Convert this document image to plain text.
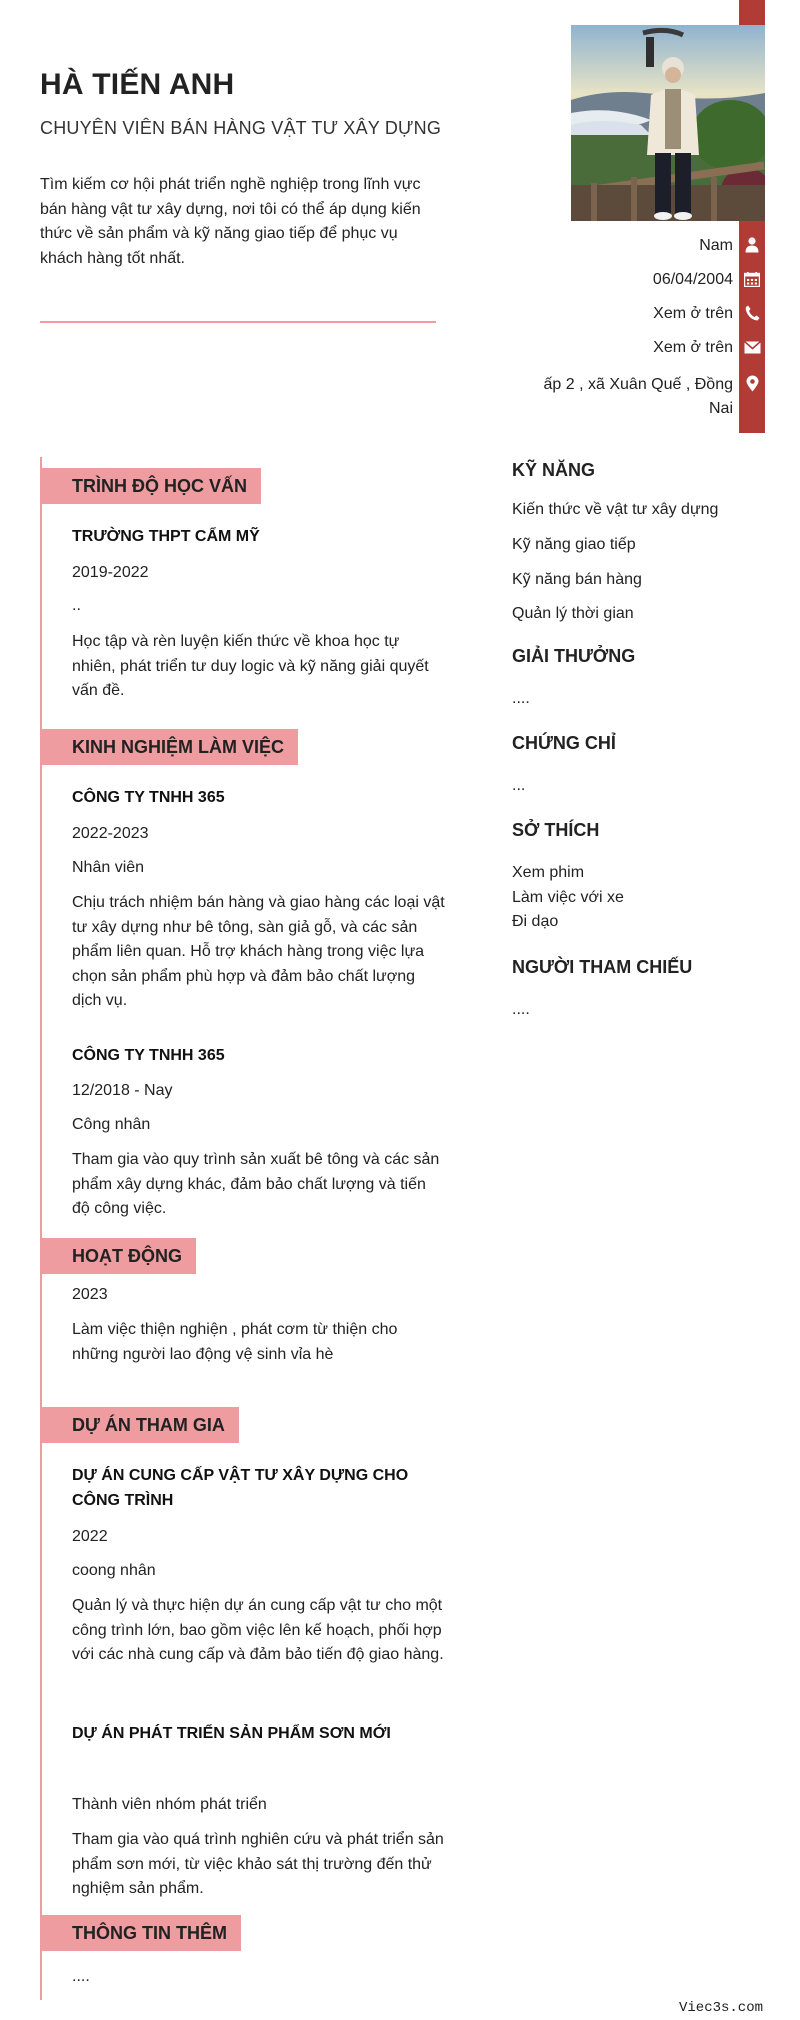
HÀ TIẾN ANH
CHUYÊN VIÊN BÁN HÀNG VẬT TƯ XÂY DỰNG
Tìm kiếm cơ hội phát triển nghề nghiệp trong lĩnh vực bán hàng vật tư xây dựng, nơi tôi có thể áp dụng kiến thức về sản phẩm và kỹ năng giao tiếp để phục vụ khách hàng tốt nhất.
Nam
06/04/2004
Xem ở trên
Xem ở trên
ấp 2 , xã Xuân Quế , Đồng
Nai
TRÌNH ĐỘ HỌC VẤN
TRƯỜNG THPT CẨM MỸ
2019-2022
..
Học tập và rèn luyện kiến thức về khoa học tự nhiên, phát triển tư duy logic và kỹ năng giải quyết vấn đề.
KINH NGHIỆM LÀM VIỆC
CÔNG TY TNHH 365
2022-2023
Nhân viên
Chịu trách nhiệm bán hàng và giao hàng các loại vật tư xây dựng như bê tông, sàn giả gỗ, và các sản phẩm liên quan. Hỗ trợ khách hàng trong việc lựa chọn sản phẩm phù hợp và đảm bảo chất lượng dịch vụ.
CÔNG TY TNHH 365
12/2018 - Nay
Công nhân
Tham gia vào quy trình sản xuất bê tông và các sản phẩm xây dựng khác, đảm bảo chất lượng và tiến độ công việc.
HOẠT ĐỘNG
2023
Làm việc thiện nghiện , phát cơm từ thiện cho những người lao động vệ sinh vỉa hè
DỰ ÁN THAM GIA
DỰ ÁN CUNG CẤP VẬT TƯ XÂY DỰNG CHO CÔNG TRÌNH
2022
coong nhân
Quản lý và thực hiện dự án cung cấp vật tư cho một công trình lớn, bao gồm việc lên kế hoạch, phối hợp với các nhà cung cấp và đảm bảo tiến độ giao hàng.
DỰ ÁN PHÁT TRIỂN SẢN PHẨM SƠN MỚI
Thành viên nhóm phát triển
Tham gia vào quá trình nghiên cứu và phát triển sản phẩm sơn mới, từ việc khảo sát thị trường đến thử nghiệm sản phẩm.
THÔNG TIN THÊM
....
KỸ NĂNG
Kiến thức về vật tư xây dựng
Kỹ năng giao tiếp
Kỹ năng bán hàng
Quản lý thời gian
GIẢI THƯỞNG
....
CHỨNG CHỈ
...
SỞ THÍCH
Xem phim
Làm việc với xe
Đi dạo
NGƯỜI THAM CHIẾU
....
Viec3s.com
